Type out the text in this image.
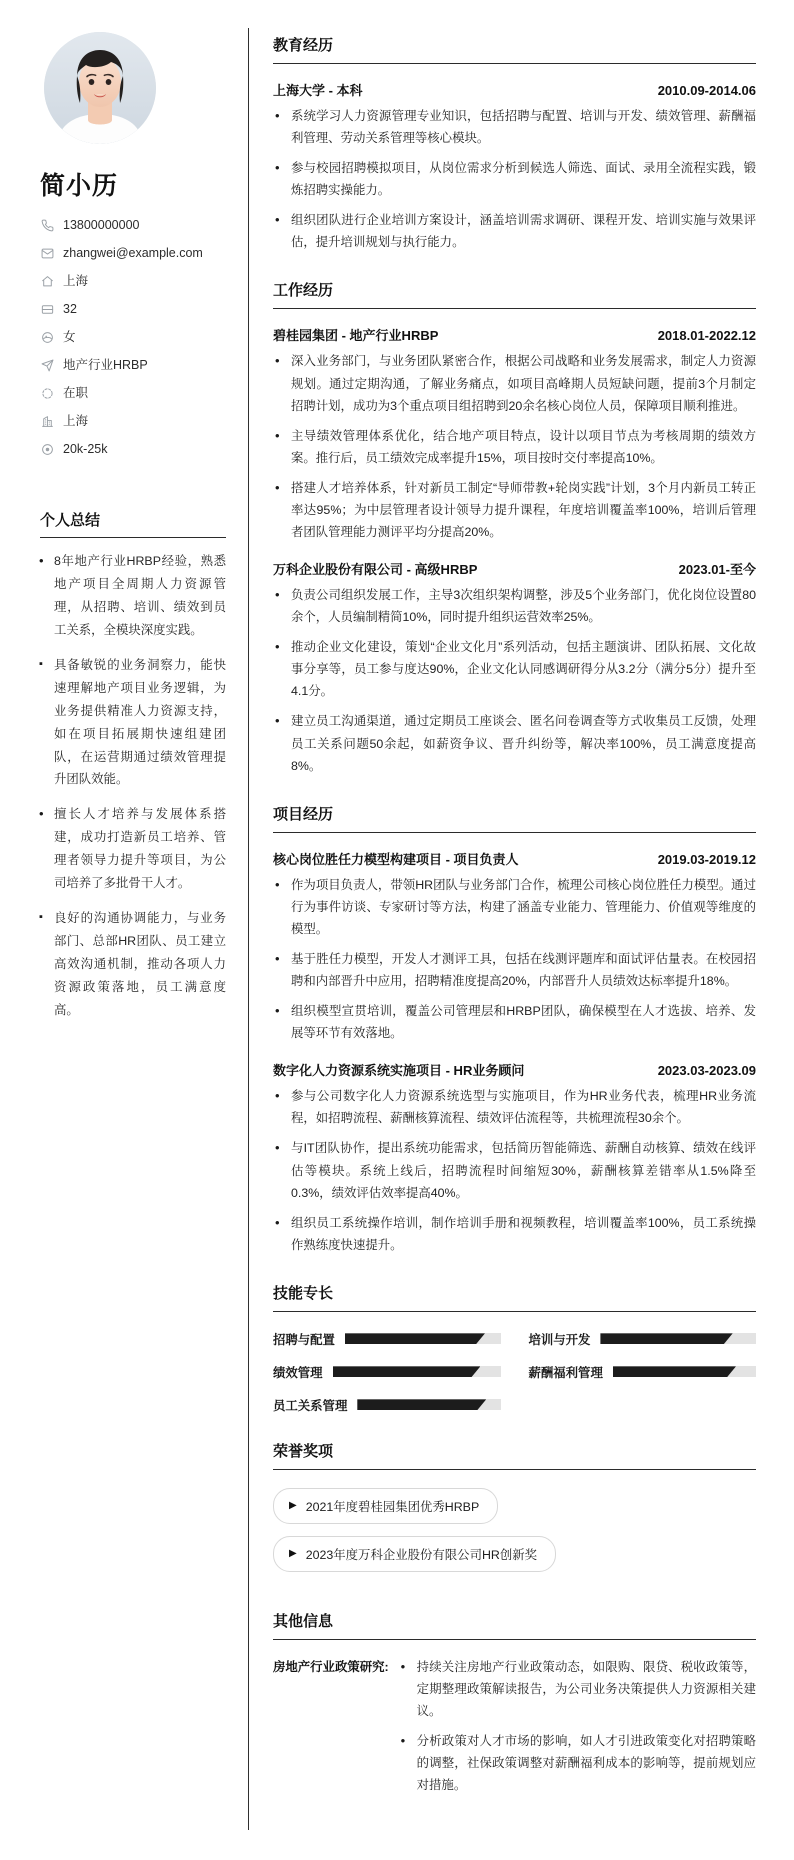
简小历
13800000000
zhangwei@example.com
上海
32
女
地产行业HRBP
在职
上海
20k-25k
个人总结
• 8年地产行业HRBP经验，熟悉地产项目全周期人力资源管理，从招聘、培训、绩效到员工关系，全模块深度实践。
▪ 具备敏锐的业务洞察力，能快速理解地产项目业务逻辑，为业务提供精准人力资源支持，如在项目拓展期快速组建团队，在运营期通过绩效管理提升团队效能。
• 擅长人才培养与发展体系搭建，成功打造新员工培养、管理者领导力提升等项目，为公司培养了多批骨干人才。
▪ 良好的沟通协调能力，与业务部门、总部HR团队、员工建立高效沟通机制，推动各项人力资源政策落地，员工满意度高。
教育经历
上海大学 - 本科	2010.09-2014.06
• 系统学习人力资源管理专业知识，包括招聘与配置、培训与开发、绩效管理、薪酬福利管理、劳动关系管理等核心模块。
• 参与校园招聘模拟项目，从岗位需求分析到候选人筛选、面试、录用全流程实践，锻炼招聘实操能力。
• 组织团队进行企业培训方案设计，涵盖培训需求调研、课程开发、培训实施与效果评估，提升培训规划与执行能力。
工作经历
碧桂园集团 - 地产行业HRBP	2018.01-2022.12
• 深入业务部门，与业务团队紧密合作，根据公司战略和业务发展需求，制定人力资源规划。通过定期沟通，了解业务痛点，如项目高峰期人员短缺问题，提前3个月制定招聘计划，成功为3个重点项目组招聘到20余名核心岗位人员，保障项目顺利推进。
• 主导绩效管理体系优化，结合地产项目特点，设计以项目节点为考核周期的绩效方案。推行后，员工绩效完成率提升15%，项目按时交付率提高10%。
• 搭建人才培养体系，针对新员工制定“导师带教+轮岗实践”计划，3个月内新员工转正率达95%；为中层管理者设计领导力提升课程，年度培训覆盖率100%，培训后管理者团队管理能力测评平均分提高20%。
万科企业股份有限公司 - 高级HRBP	2023.01-至今
• 负责公司组织发展工作，主导3次组织架构调整，涉及5个业务部门，优化岗位设置80余个，人员编制精简10%，同时提升组织运营效率25%。
• 推动企业文化建设，策划“企业文化月”系列活动，包括主题演讲、团队拓展、文化故事分享等，员工参与度达90%，企业文化认同感调研得分从3.2分（满分5分）提升至4.1分。
• 建立员工沟通渠道，通过定期员工座谈会、匿名问卷调查等方式收集员工反馈，处理员工关系问题50余起，如薪资争议、晋升纠纷等，解决率100%，员工满意度提高8%。
项目经历
核心岗位胜任力模型构建项目 - 项目负责人	2019.03-2019.12
• 作为项目负责人，带领HR团队与业务部门合作，梳理公司核心岗位胜任力模型。通过行为事件访谈、专家研讨等方法，构建了涵盖专业能力、管理能力、价值观等维度的模型。
• 基于胜任力模型，开发人才测评工具，包括在线测评题库和面试评估量表。在校园招聘和内部晋升中应用，招聘精准度提高20%，内部晋升人员绩效达标率提升18%。
• 组织模型宣贯培训，覆盖公司管理层和HRBP团队，确保模型在人才选拔、培养、发展等环节有效落地。
数字化人力资源系统实施项目 - HR业务顾问	2023.03-2023.09
• 参与公司数字化人力资源系统选型与实施项目，作为HR业务代表，梳理HR业务流程，如招聘流程、薪酬核算流程、绩效评估流程等，共梳理流程30余个。
• 与IT团队协作，提出系统功能需求，包括简历智能筛选、薪酬自动核算、绩效在线评估等模块。系统上线后，招聘流程时间缩短30%，薪酬核算差错率从1.5%降至0.3%，绩效评估效率提高40%。
• 组织员工系统操作培训，制作培训手册和视频教程，培训覆盖率100%，员工系统操作熟练度快速提升。
技能专长
招聘与配置	培训与开发
绩效管理	薪酬福利管理
员工关系管理
荣誉奖项
▶ 2021年度碧桂园集团优秀HRBP
▶ 2023年度万科企业股份有限公司HR创新奖
其他信息
房地产行业政策研究:	• 持续关注房地产行业政策动态，如限购、限贷、税收政策等，定期整理政策解读报告，为公司业务决策提供人力资源相关建议。
• 分析政策对人才市场的影响，如人才引进政策变化对招聘策略的调整，社保政策调整对薪酬福利成本的影响等，提前规划应对措施。
